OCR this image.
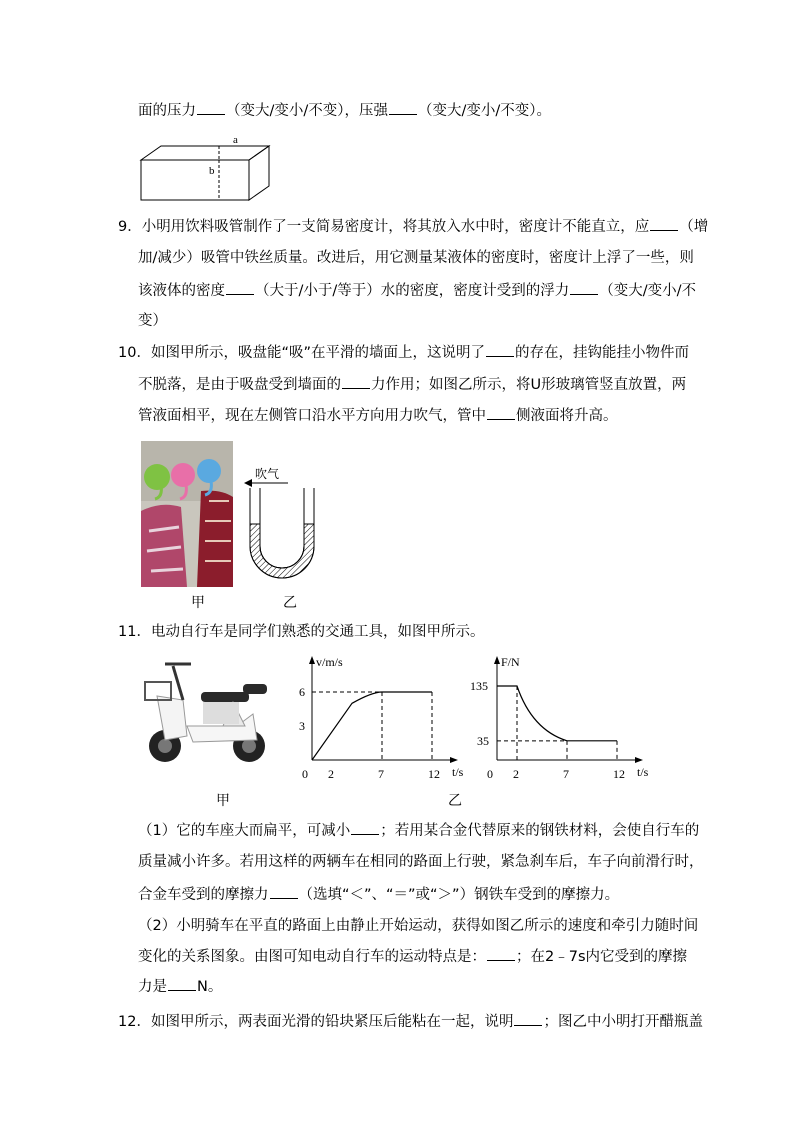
面的压力 （变大/变小/不变），压强 （变大/变小/不变）。
a
b
9．小明用饮料吸管制作了一支简易密度计，将其放入水中时，密度计不能直立，应 （增
加/减少）吸管中铁丝质量。改进后，用它测量某液体的密度时，密度计上浮了一些，则
该液体的密度 （大于/小于/等于）水的密度，密度计受到的浮力 （变大/变小/不
变）
10．如图甲所示，吸盘能“吸”在平滑的墙面上，这说明了 的存在，挂钩能挂小物件而
不脱落，是由于吸盘受到墙面的 力作用；如图乙所示，将U形玻璃管竖直放置，两
管液面相平，现在左侧管口沿水平方向用力吹气，管中 侧液面将升高。
甲
吹气
乙
11．电动自行车是同学们熟悉的交通工具，如图甲所示。
甲	乙
v/m/s
t/s
0 2	7	12
3
6
F/N
t/s
0 2	7	12
35
135
（1）它的车座大而扁平，可减小 ；若用某合金代替原来的钢铁材料，会使自行车的
质量减小许多。若用这样的两辆车在相同的路面上行驶，紧急刹车后，车子向前滑行时，
合金车受到的摩擦力 （选填“＜”、“＝”或“＞”）钢铁车受到的摩擦力。
（2）小明骑车在平直的路面上由静止开始运动，获得如图乙所示的速度和牵引力随时间
变化的关系图象。由图可知电动自行车的运动特点是： ；在2﹣7s内它受到的摩擦
力是 N。
12．如图甲所示，两表面光滑的铅块紧压后能粘在一起，说明 ；图乙中小明打开醋瓶盖
